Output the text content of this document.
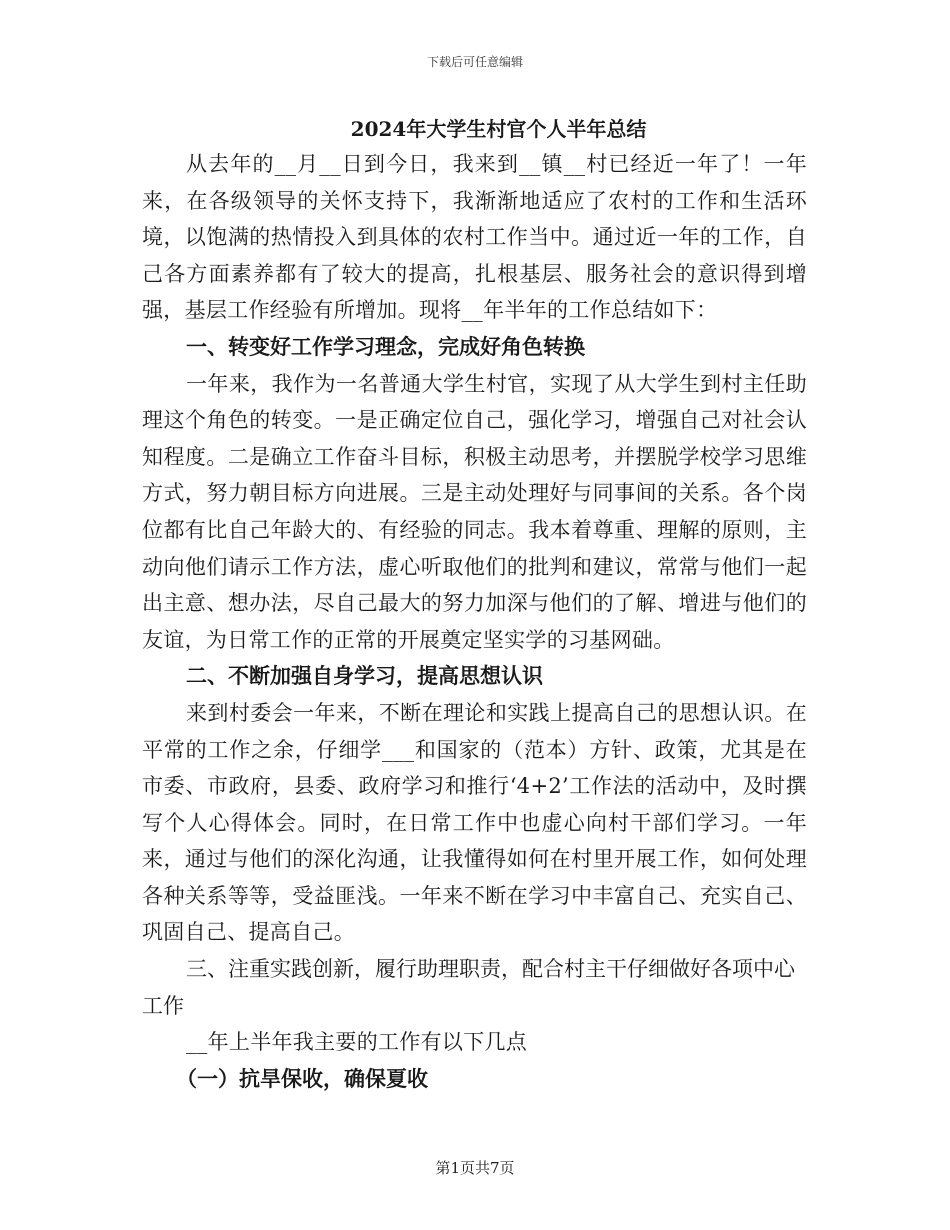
下载后可任意编辑
2024年大学生村官个人半年总结

从去年的__月__日到今日，我来到__镇__村已经近一年了！一年来，在各级领导的关怀支持下，我渐渐地适应了农村的工作和生活环境，以饱满的热情投入到具体的农村工作当中。通过近一年的工作，自己各方面素养都有了较大的提高，扎根基层、服务社会的意识得到增强，基层工作经验有所增加。现将__年半年的工作总结如下：

一、转变好工作学习理念，完成好角色转换

一年来，我作为一名普通大学生村官，实现了从大学生到村主任助理这个角色的转变。一是正确定位自己，强化学习，增强自己对社会认知程度。二是确立工作奋斗目标，积极主动思考，并摆脱学校学习思维方式，努力朝目标方向进展。三是主动处理好与同事间的关系。各个岗位都有比自己年龄大的、有经验的同志。我本着尊重、理解的原则，主动向他们请示工作方法，虚心听取他们的批判和建议，常常与他们一起出主意、想办法，尽自己最大的努力加深与他们的了解、增进与他们的友谊，为日常工作的正常的开展奠定坚实学的习基网础。

二、不断加强自身学习，提高思想认识

来到村委会一年来，不断在理论和实践上提高自己的思想认识。在平常的工作之余，仔细学___和国家的（范本）方针、政策，尤其是在市委、市政府，县委、政府学习和推行‘4+2’工作法的活动中，及时撰写个人心得体会。同时，在日常工作中也虚心向村干部们学习。一年来，通过与他们的深化沟通，让我懂得如何在村里开展工作，如何处理各种关系等等，受益匪浅。一年来不断在学习中丰富自己、充实自己、巩固自己、提高自己。

三、注重实践创新，履行助理职责，配合村主干仔细做好各项中心工作

__年上半年我主要的工作有以下几点

（一）抗旱保收，确保夏收

第1页共7页
